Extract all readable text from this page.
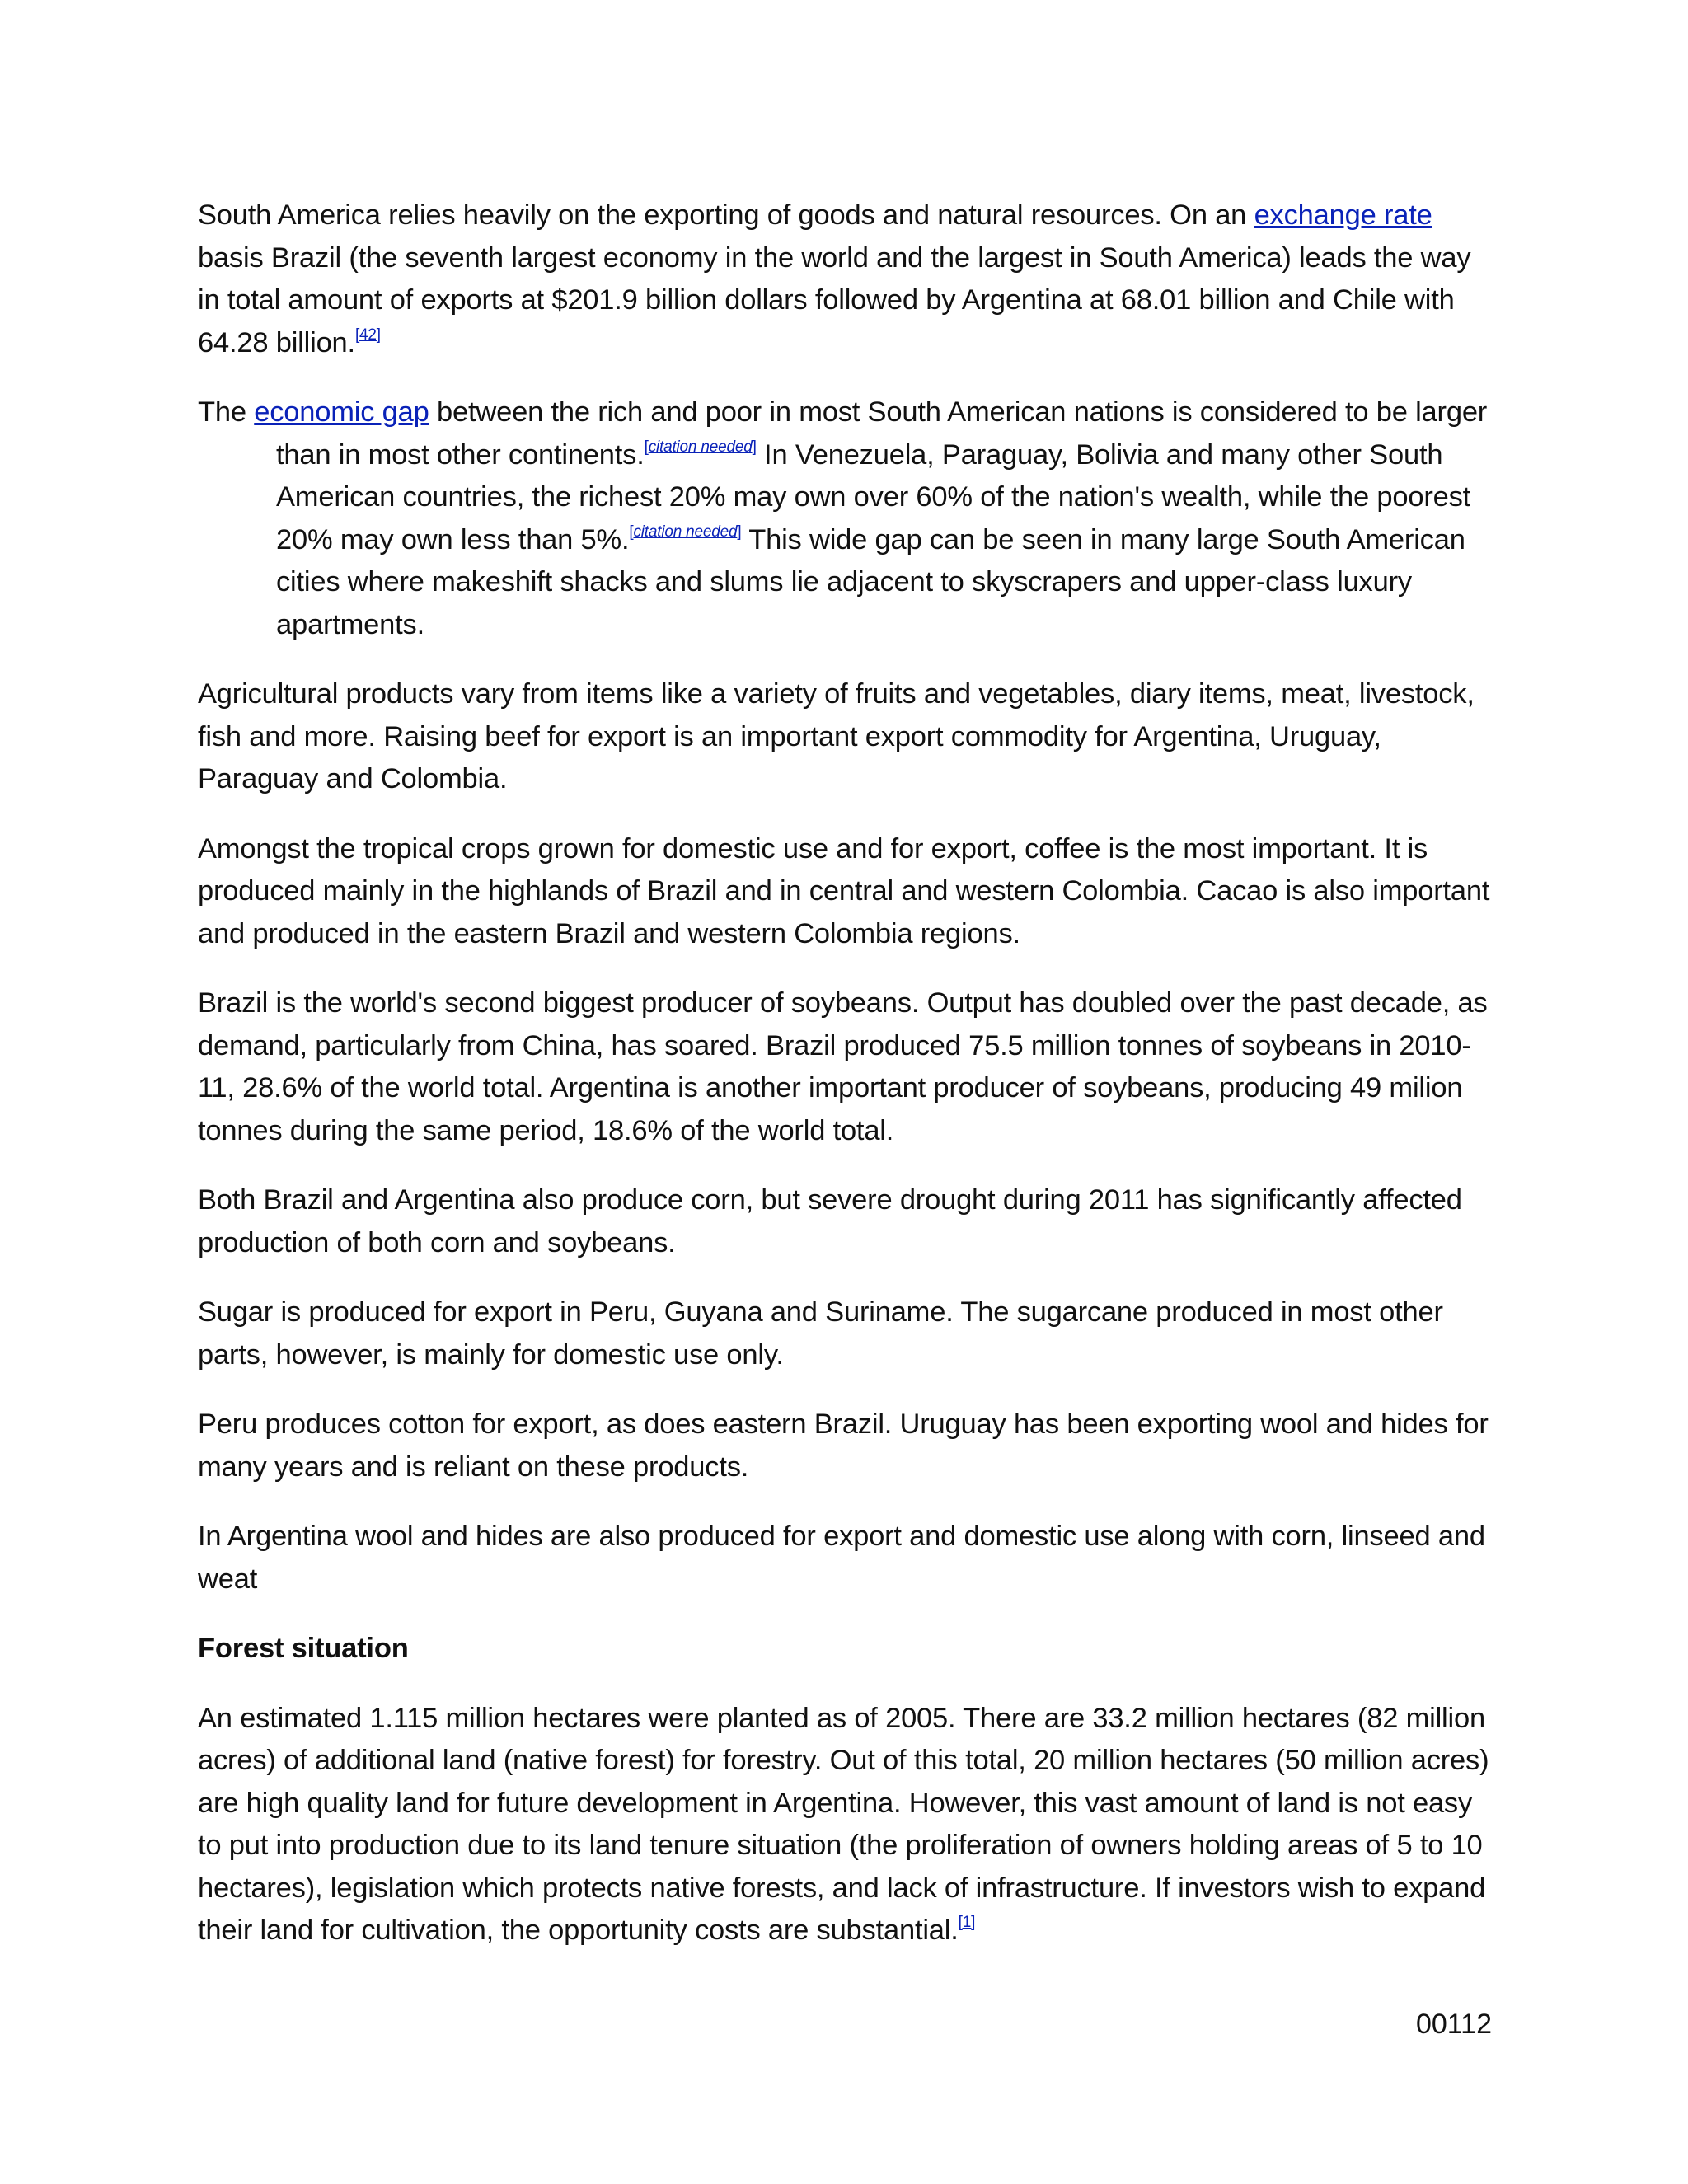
South America relies heavily on the exporting of goods and natural resources. On an exchange rate basis Brazil (the seventh largest economy in the world and the largest in South America) leads the way in total amount of exports at $201.9 billion dollars followed by Argentina at 68.01 billion and Chile with 64.28 billion.[42]

The economic gap between the rich and poor in most South American nations is considered to be larger than in most other continents.[citation needed] In Venezuela, Paraguay, Bolivia and many other South American countries, the richest 20% may own over 60% of the nation's wealth, while the poorest 20% may own less than 5%.[citation needed] This wide gap can be seen in many large South American cities where makeshift shacks and slums lie adjacent to skyscrapers and upper-class luxury apartments.

Agricultural products vary from items like a variety of fruits and vegetables, diary items, meat, livestock, fish and more. Raising beef for export is an important export commodity for Argentina, Uruguay, Paraguay and Colombia.

Amongst the tropical crops grown for domestic use and for export, coffee is the most important. It is produced mainly in the highlands of Brazil and in central and western Colombia. Cacao is also important and produced in the eastern Brazil and western Colombia regions.

Brazil is the world's second biggest producer of soybeans. Output has doubled over the past decade, as demand, particularly from China, has soared. Brazil produced 75.5 million tonnes of soybeans in 2010-11, 28.6% of the world total. Argentina is another important producer of soybeans, producing 49 milion tonnes during the same period, 18.6% of the world total.

Both Brazil and Argentina also produce corn, but severe drought during 2011 has significantly affected production of both corn and soybeans.

Sugar is produced for export in Peru, Guyana and Suriname. The sugarcane produced in most other parts, however, is mainly for domestic use only.

Peru produces cotton for export, as does eastern Brazil. Uruguay has been exporting wool and hides for many years and is reliant on these products.

In Argentina wool and hides are also produced for export and domestic use along with corn, linseed and weat

Forest situation

An estimated 1.115 million hectares were planted as of 2005. There are 33.2 million hectares (82 million acres) of additional land (native forest) for forestry. Out of this total, 20 million hectares (50 million acres) are high quality land for future development in Argentina. However, this vast amount of land is not easy to put into production due to its land tenure situation (the proliferation of owners holding areas of 5 to 10 hectares), legislation which protects native forests, and lack of infrastructure. If investors wish to expand their land for cultivation, the opportunity costs are substantial.[1]

00112
